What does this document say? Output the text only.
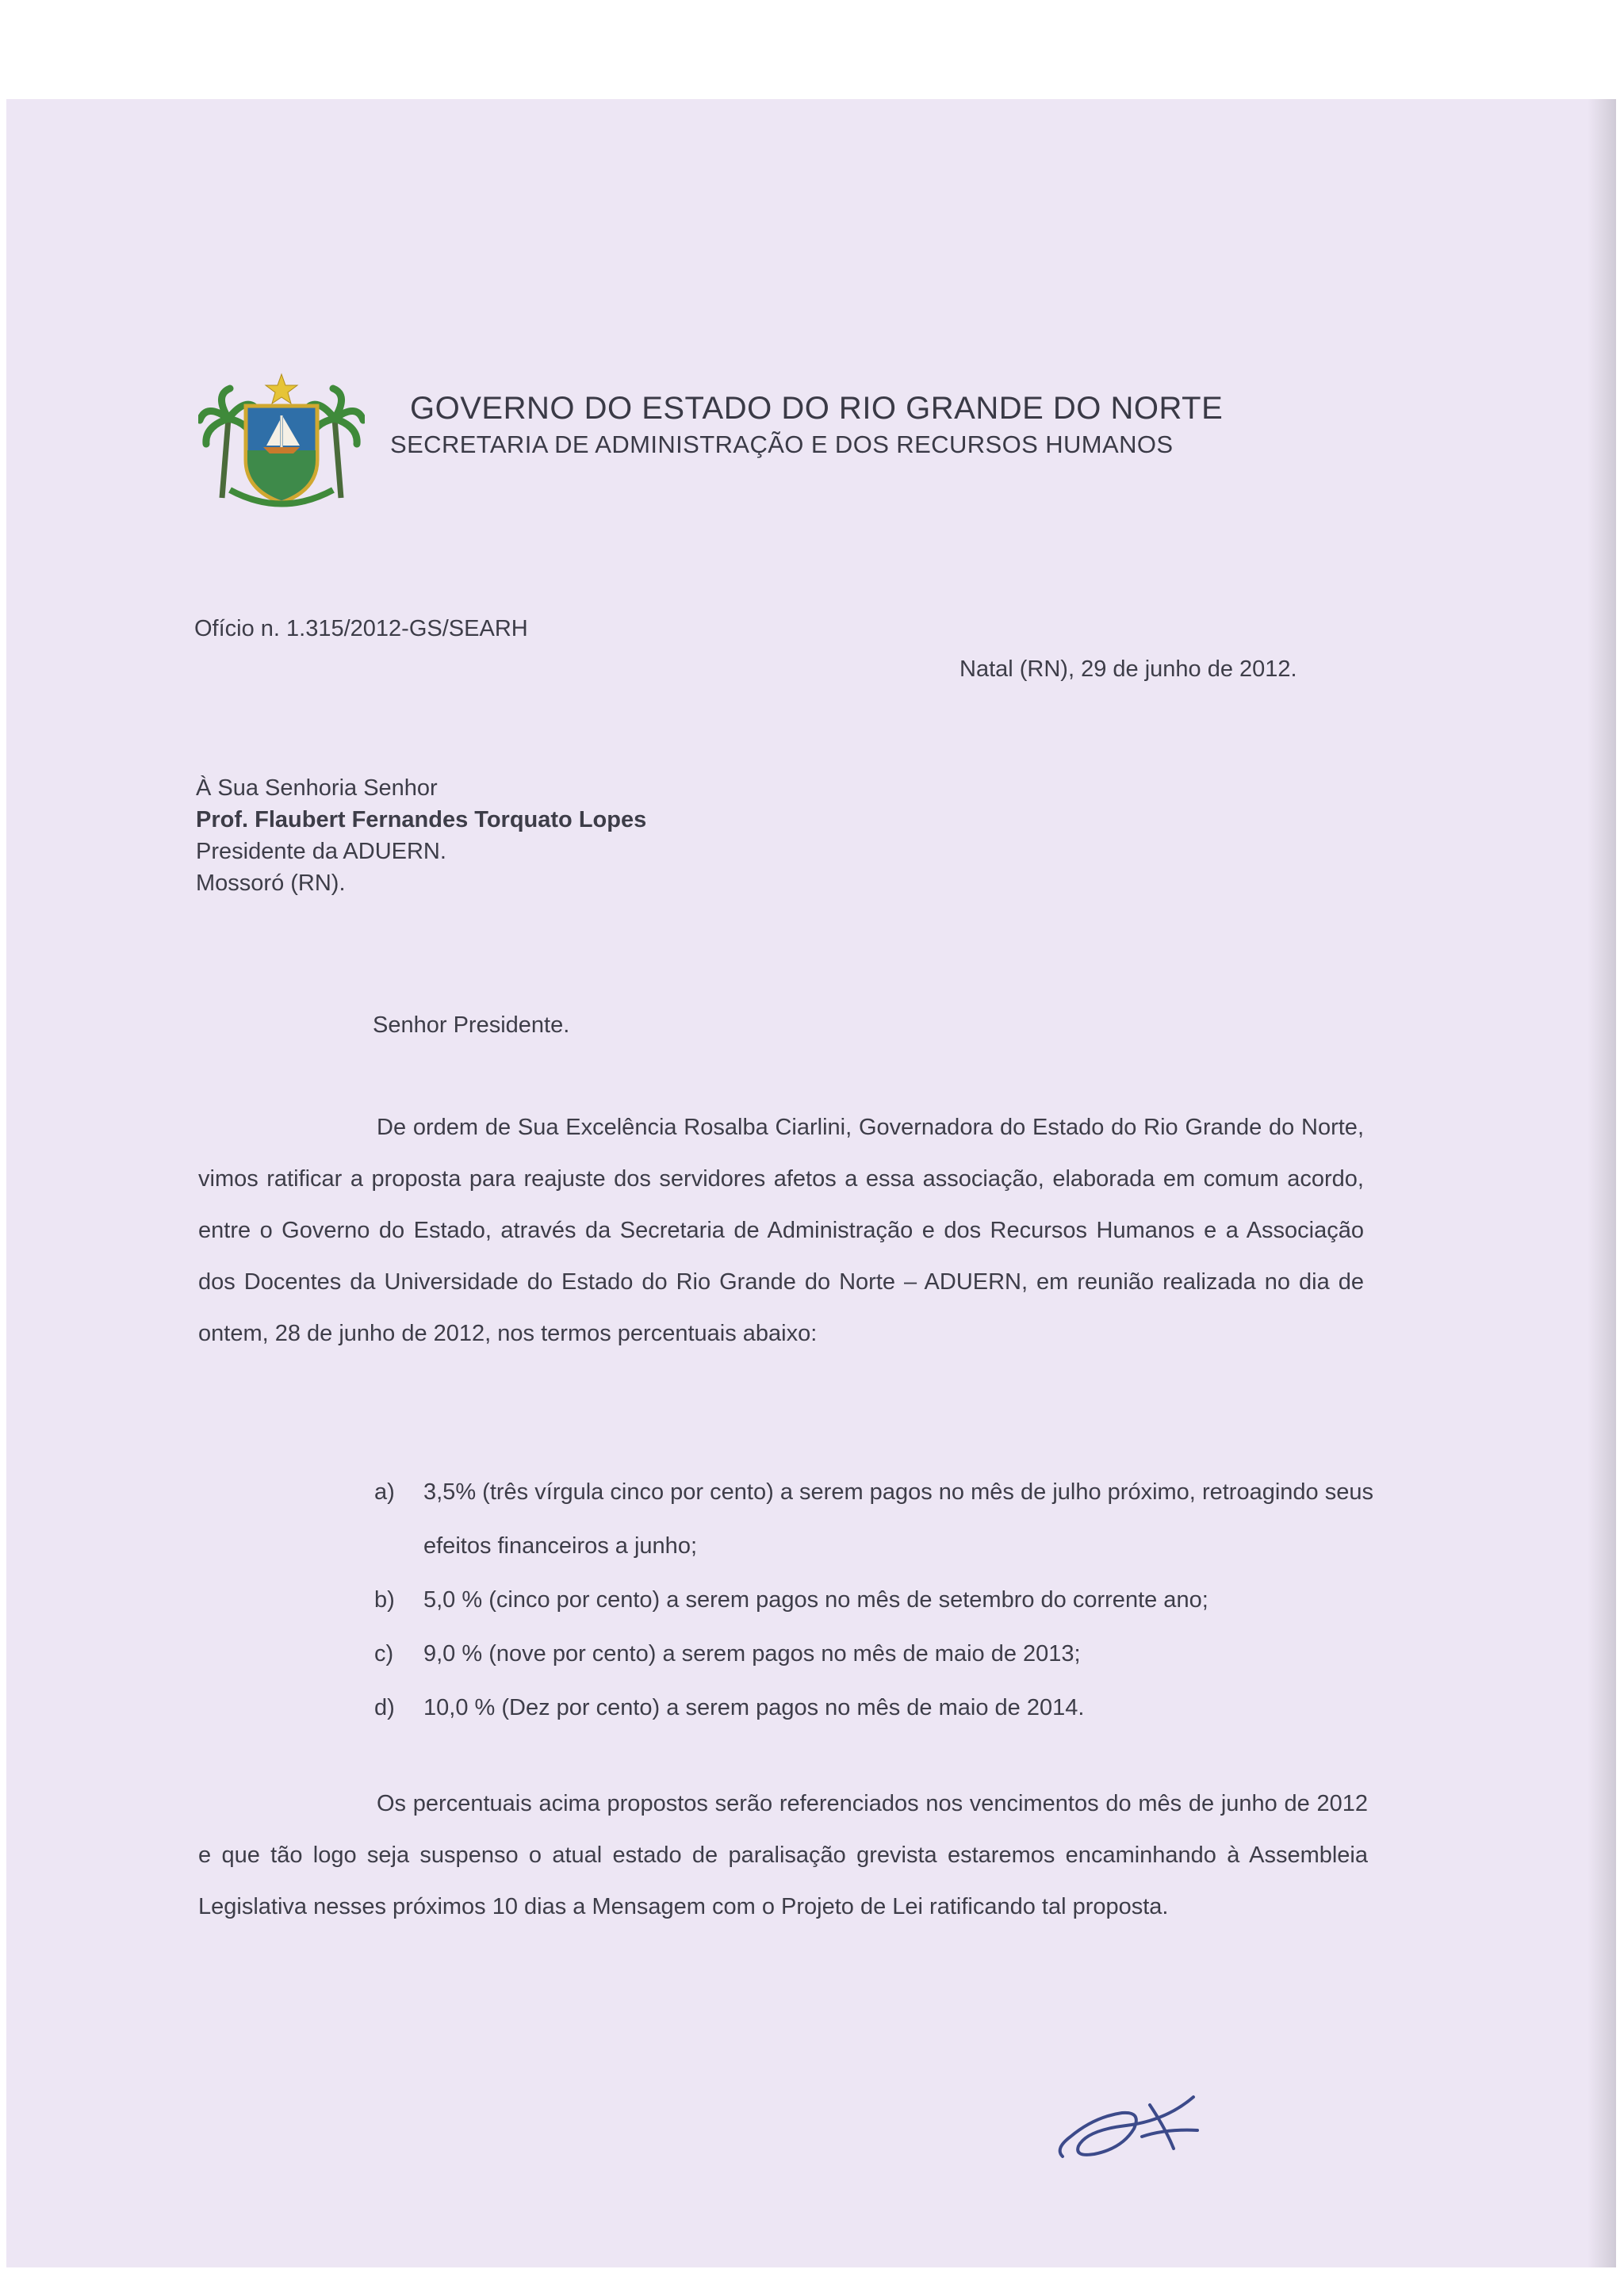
GOVERNO DO ESTADO DO RIO GRANDE DO NORTE
SECRETARIA DE ADMINISTRAÇÃO E DOS RECURSOS HUMANOS
Ofício n. 1.315/2012-GS/SEARH
Natal (RN), 29 de junho de 2012.
À Sua Senhoria Senhor
Prof. Flaubert Fernandes Torquato Lopes
Presidente da ADUERN.
Mossoró (RN).
Senhor Presidente.
De ordem de Sua Excelência Rosalba Ciarlini, Governadora do Estado do Rio Grande do Norte, vimos ratificar a proposta para reajuste dos servidores afetos a essa associação, elaborada em comum acordo, entre o Governo do Estado, através da Secretaria de Administração e dos Recursos Humanos e a Associação dos Docentes da Universidade do Estado do Rio Grande do Norte – ADUERN, em reunião realizada no dia de ontem, 28 de junho de 2012, nos termos percentuais abaixo:
a) 3,5% (três vírgula cinco por cento) a serem pagos no mês de julho próximo, retroagindo seus efeitos financeiros a junho;
b) 5,0 % (cinco por cento) a serem pagos no mês de setembro do corrente ano;
c) 9,0 % (nove por cento) a serem pagos no mês de maio de 2013;
d) 10,0 % (Dez por cento) a serem pagos no mês de maio de 2014.
Os percentuais acima propostos serão referenciados nos vencimentos do mês de junho de 2012 e que tão logo seja suspenso o atual estado de paralisação grevista estaremos encaminhando à Assembleia Legislativa nesses próximos 10 dias a Mensagem com o Projeto de Lei ratificando tal proposta.
